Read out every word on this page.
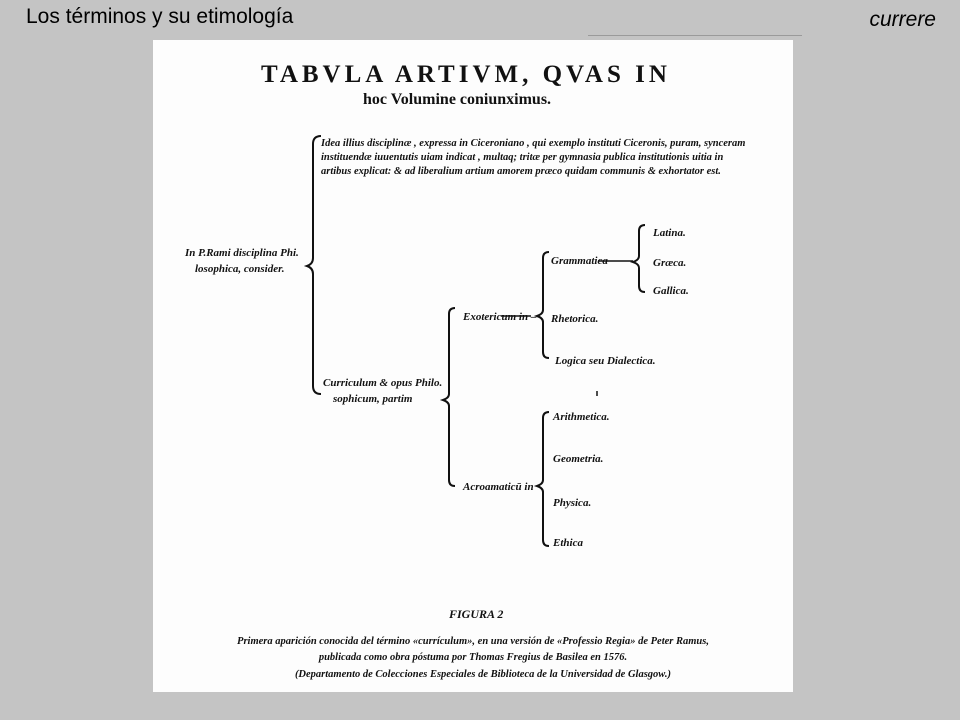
Los términos y su etimología	currere
TABVLA ARTIVM, QVAS IN
hoc Volumine coniunximus.
Idea illius disciplinæ , expressa in Ciceroniano , qui exemplo instituti Ciceronis, puram, synceram
instituendæ iuuentutis uiam indicat , multaq; tritæ per gymnasia publica institutionis uitia in
artibus explicat: & ad liberalium artium amorem præco quidam communis & exhortator est.
In P.Rami disciplina Phi.
losophica, consider.
Curriculum & opus Philo.
sophicum, partim
Exotericum in –
Acroamaticū in
Grammatica
Rhetorica.
Logica seu Dialectica.
Latina.
Græca.
Gallica.
Arithmetica.
Geometria.
Physica.
Ethica
FIGURA 2
Primera aparición conocida del término «currículum», en una versión de «Professio Regia» de Peter Ramus,
publicada como obra póstuma por Thomas Fregius de Basilea en 1576.
(Departamento de Colecciones Especiales de Biblioteca de la Universidad de Glasgow.)
